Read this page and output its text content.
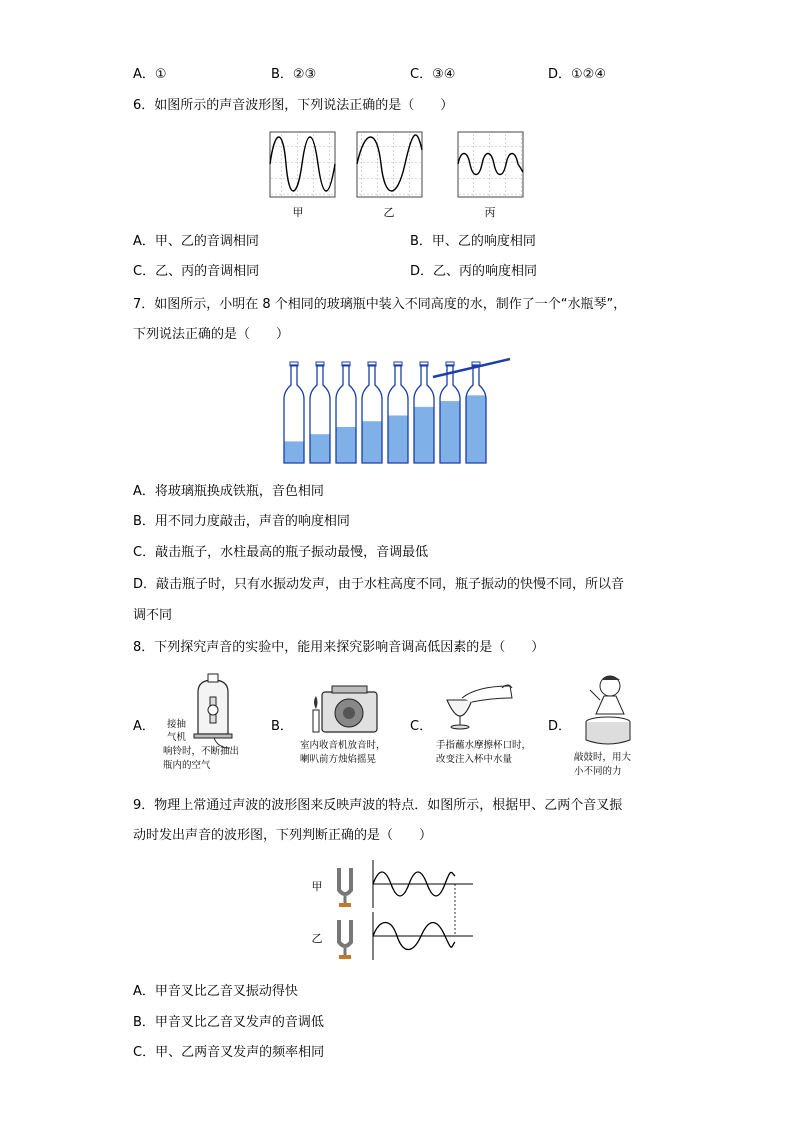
A．①	B．②③	C．③④	D．①②④
6．如图所示的声音波形图，下列说法正确的是（　　）
甲	乙	丙
A．甲、乙的音调相同	B．甲、乙的响度相同
C．乙、丙的音调相同	D．乙、丙的响度相同
7．如图所示，小明在 8 个相同的玻璃瓶中装入不同高度的水，制作了一个“水瓶琴”，
下列说法正确的是（　　）
A．将玻璃瓶换成铁瓶，音色相同
B．用不同力度敲击，声音的响度相同
C．敲击瓶子，水柱最高的瓶子振动最慢，音调最低
D．敲击瓶子时，只有水振动发声，由于水柱高度不同，瓶子振动的快慢不同，所以音
调不同
8．下列探究声音的实验中，能用来探究影响音调高低因素的是（　　）
A． 接抽
气机
响铃时，不断抽出
瓶内的空气
B．
室内收音机放音时，
喇叭前方烛焰摇晃
C．
手指蘸水摩擦杯口时，
改变注入杯中水量
D．
敲鼓时，用大
小不同的力
9．物理上常通过声波的波形图来反映声波的特点．如图所示，根据甲、乙两个音叉振
动时发出声音的波形图，下列判断正确的是（　　）
甲
乙
A．甲音叉比乙音叉振动得快
B．甲音叉比乙音叉发声的音调低
C．甲、乙两音叉发声的频率相同
